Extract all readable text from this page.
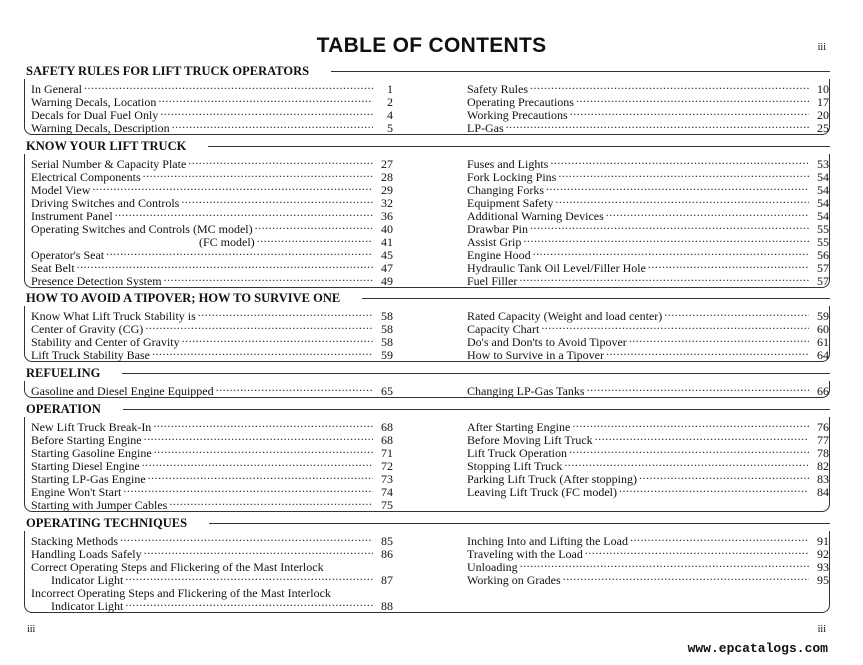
TABLE OF CONTENTS	iii
SAFETY RULES FOR LIFT TRUCK OPERATORS
In General .....	1
Warning Decals, Location .....	2
Decals for Dual Fuel Only .....	4
Warning Decals, Description .....	5
Safety Rules .....	10
Operating Precautions .....	17
Working Precautions .....	20
LP-Gas .....	25
KNOW YOUR LIFT TRUCK
Serial Number & Capacity Plate .....	27
Electrical Components .....	28
Model View .....	29
Driving Switches and Controls .....	32
Instrument Panel .....	36
Operating Switches and Controls (MC model) .....	40
(FC model) .....	41
Operator's Seat .....	45
Seat Belt .....	47
Presence Detection System .....	49
Fuses and Lights .....	53
Fork Locking Pins .....	54
Changing Forks .....	54
Equipment Safety .....	54
Additional Warning Devices .....	54
Drawbar Pin .....	55
Assist Grip .....	55
Engine Hood .....	56
Hydraulic Tank Oil Level/Filler Hole .....	57
Fuel Filler .....	57
HOW TO AVOID A TIPOVER; HOW TO SURVIVE ONE
Know What Lift Truck Stability is .....	58
Center of Gravity (CG) .....	58
Stability and Center of Gravity .....	58
Lift Truck Stability Base .....	59
Rated Capacity (Weight and load center) .....	59
Capacity Chart .....	60
Do's and Don'ts to Avoid Tipover .....	61
How to Survive in a Tipover .....	64
REFUELING
Gasoline and Diesel Engine Equipped .....	65	Changing LP-Gas Tanks .....	66
OPERATION
New Lift Truck Break-In .....	68
Before Starting Engine .....	68
Starting Gasoline Engine .....	71
Starting Diesel Engine .....	72
Starting LP-Gas Engine .....	73
Engine Won't Start .....	74
Starting with Jumper Cables .....	75
After Starting Engine .....	76
Before Moving Lift Truck .....	77
Lift Truck Operation .....	78
Stopping Lift Truck .....	82
Parking Lift Truck (After stopping) .....	83
Leaving Lift Truck (FC model) .....	84
OPERATING TECHNIQUES
Stacking Methods .....	85
Handling Loads Safely .....	86
Correct Operating Steps and Flickering of the Mast Interlock
Indicator Light .....	87
Incorrect Operating Steps and Flickering of the Mast Interlock
Indicator Light .....	88
Inching Into and Lifting the Load .....	91
Traveling with the Load .....	92
Unloading .....	93
Working on Grades .....	95
iii	iii
www.epcatalogs.com
